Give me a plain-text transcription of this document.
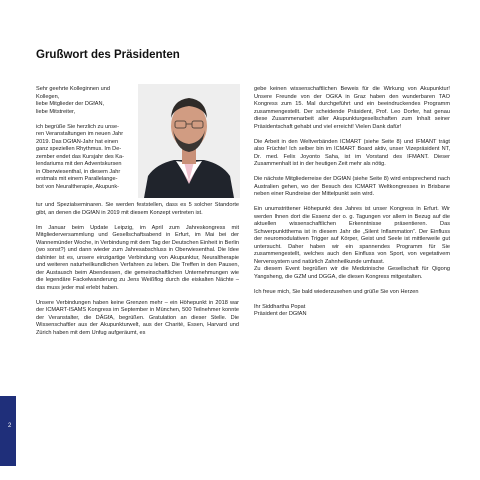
Grußwort des Präsidenten

Sehr geehrte Kolleginnen und

Kollegen,

liebe Mitglieder der DGfAN,

liebe Mitstreiter,

ich begrüße Sie herzlich zu unse-

ren Veranstaltungen im neuen Jahr

2019. Das DGfAN-Jahr hat einen

ganz speziellen Rhythmus. Im De-

zember endet das Kursjahr des Ka-

lendariums mit den Adventskursen

in Oberwiesenthal, in diesem Jahr

erstmals mit einem Parallelange-

bot von Neuraltherapie, Akupunk-

tur und Spezialseminaren. Sie werden feststellen, dass es 5 solcher Standorte gibt, an denen die DGfAN in 2019 mit diesem Konzept vertreten ist.

Im Januar beim Update Leipzig, im April zum Jahreskongress mit Mitgliederversammlung und Gesellschaftsabend in Erfurt, im Mai bei der Wannemünder Woche, in Verbindung mit dem Tag der Deutschen Einheit in Berlin (wo sonst?) und dann wieder zum Jahresabschluss in Oberwiesenthal. Die Idee dahinter ist es, unsere einzigartige Verbindung von Akupunktur, Neuraltherapie und weiteren naturheilkundlichen Verfahren zu leben. Die Treffen in den Pausen, der Austausch beim Abendessen, die gemeinschaftlichen Unternehmungen wie die legendäre Fackelwanderung zu Jens Weißflog durch die eiskalten Nächte – das muss jeder mal erlebt haben.

Unsere Verbindungen haben keine Grenzen mehr – ein Höhepunkt in 2018 war der ICMART-ISAMS Kongress im September in München, 500 Teilnehmer konnte der Veranstalter, die DÄGfA, begrüßen. Gratulation an dieser Stelle. Die Wissenschaftler aus der Akupunkturwelt, aus der Charité, Essen, Harvard und Zürich haben mit dem Unfug aufgeräumt, es

gebe keinen wissenschaftlichen Beweis für die Wirkung von Akupunktur! Unsere Freunde von der OGKA in Graz haben den wunderbaren TAO Kongress zum 15. Mal durchgeführt und ein beeindruckendes Programm zusammengestellt. Der scheidende Präsident, Prof. Leo Dorfer, hat genau diese Zusammenarbeit aller Akupunkturgesellschaften zum Inhalt seiner Präsidentschaft gehabt und viel erreicht! Vielen Dank dafür!

Die Arbeit in den Weltverbänden ICMART (siehe Seite 8) und IFMANT trägt also Früchte! Ich selber bin im ICMART Board aktiv, unser Vizepräsident NT, Dr. med. Felix Joyonto Saha, ist im Vorstand des IFMANT. Dieser Zusammenhalt ist in der heutigen Zeit mehr als nötig.

Die nächste Mitgliederreise der DGfAN (siehe Seite 8) wird entsprechend nach Australien gehen, wo der Besuch des ICMART Weltkongresses in Brisbane neben einer Rundreise der Mittelpunkt sein wird.

Ein unumstrittener Höhepunkt des Jahres ist unser Kongress in Erfurt. Wir werden Ihnen dort die Essenz der o. g. Tagungen vor allem in Bezug auf die aktuellen wissenschaftlichen Erkenntnisse präsentieren. Das Schwerpunktthema ist in diesem Jahr die „Silent Inflammation“. Der Einfluss der neuromodulativen Trigger auf Körper, Geist und Seele ist mittlerweile gut untersucht. Daher haben wir ein spannendes Programm für Sie zusammengestellt, welches auch den Einfluss von Sport, von vegetativem Nervensystem und natürlich Zahnheilkunde umfasst.

Zu diesem Event begrüßen wir die Medizinische Gesellschaft für Qigong Yangsheng, die GZM und DGGA, die diesen Kongress mitgestalten.

Ich freue mich, Sie bald wiederzusehen und grüße Sie von Herzen

Ihr Siddhartha Popat

Präsident der DGfAN

2
